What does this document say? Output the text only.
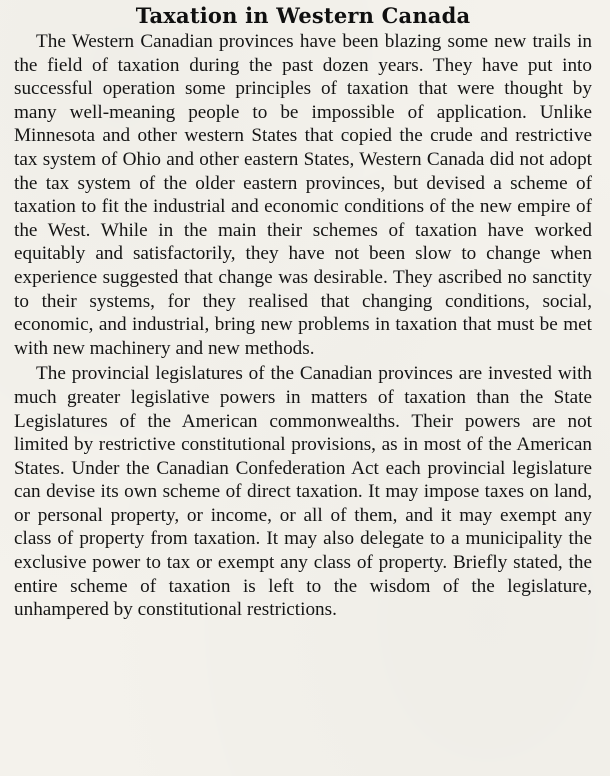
Taxation in Western Canada

The Western Canadian provinces have been blazing some new trails in the field of taxation during the past dozen years. They have put into successful operation some principles of taxation that were thought by many well-meaning people to be impossible of application. Unlike Minnesota and other western States that copied the crude and restrictive tax system of Ohio and other eastern States, Western Canada did not adopt the tax system of the older eastern provinces, but devised a scheme of taxation to fit the industrial and economic conditions of the new empire of the West. While in the main their schemes of taxation have worked equitably and satisfactorily, they have not been slow to change when experience suggested that change was desirable. They ascribed no sanctity to their systems, for they realised that changing conditions, social, economic, and industrial, bring new problems in taxation that must be met with new machinery and new methods.

The provincial legislatures of the Canadian provinces are invested with much greater legislative powers in matters of taxation than the State Legislatures of the American commonwealths. Their powers are not limited by restrictive constitutional provisions, as in most of the American States. Under the Canadian Confederation Act each provincial legislature can devise its own scheme of direct taxation. It may impose taxes on land, or personal property, or income, or all of them, and it may exempt any class of property from taxation. It may also delegate to a municipality the exclusive power to tax or exempt any class of property. Briefly stated, the entire scheme of taxation is left to the wisdom of the legislature, unhampered by constitutional restrictions.
